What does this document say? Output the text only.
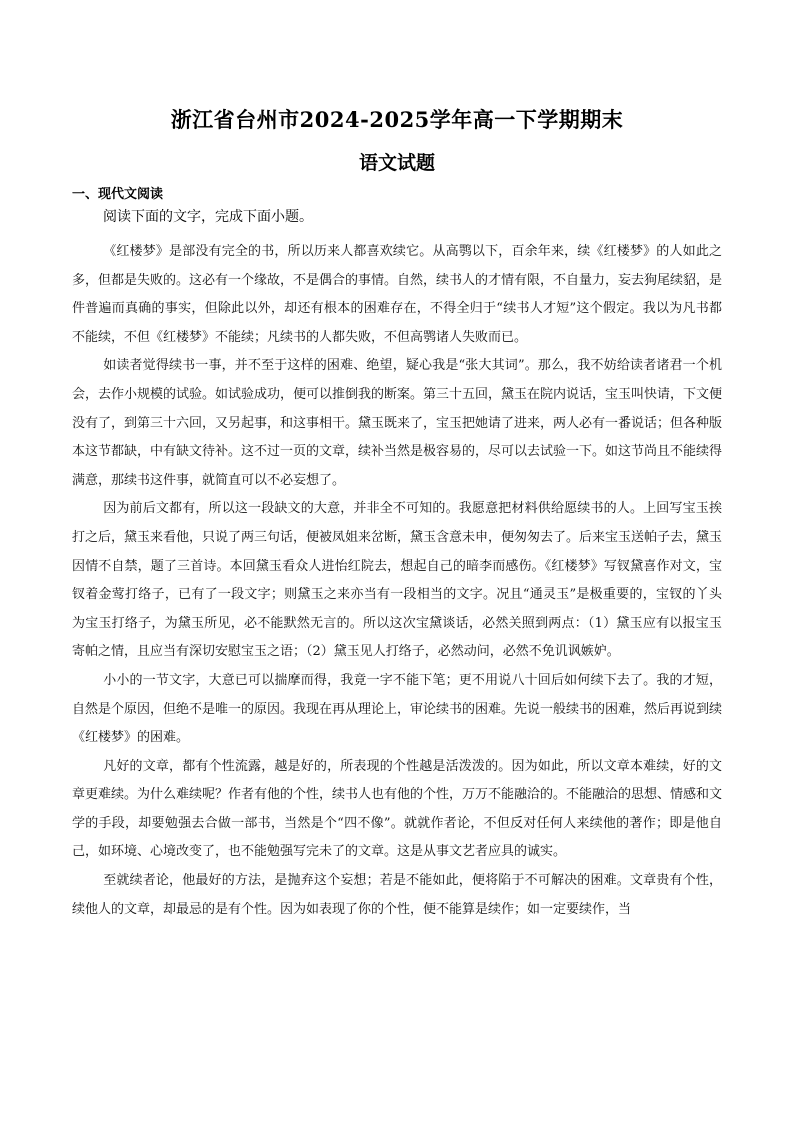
浙江省台州市2024-2025学年高一下学期期末
语文试题
一、现代文阅读
阅读下面的文字，完成下面小题。

《红楼梦》是部没有完全的书，所以历来人都喜欢续它。从高鹗以下，百余年来，续《红楼梦》的人如此之多，但都是失败的。这必有一个缘故，不是偶合的事情。自然，续书人的才情有限，不自量力，妄去狗尾续貂，是件普遍而真确的事实，但除此以外，却还有根本的困难存在，不得全归于“续书人才短”这个假定。我以为凡书都不能续，不但《红楼梦》不能续；凡续书的人都失败，不但高鹗诸人失败而已。

如读者觉得续书一事，并不至于这样的困难、绝望，疑心我是“张大其词”。那么，我不妨给读者诸君一个机会，去作小规模的试验。如试验成功，便可以推倒我的断案。第三十五回，黛玉在院内说话，宝玉叫快请，下文便没有了，到第三十六回，又另起事，和这事相干。黛玉既来了，宝玉把她请了进来，两人必有一番说话；但各种版本这节都缺，中有缺文待补。这不过一页的文章，续补当然是极容易的，尽可以去试验一下。如这节尚且不能续得满意，那续书这件事，就简直可以不必妄想了。

因为前后文都有，所以这一段缺文的大意，并非全不可知的。我愿意把材料供给愿续书的人。上回写宝玉挨打之后，黛玉来看他，只说了两三句话，便被凤姐来岔断，黛玉含意未申，便匆匆去了。后来宝玉送帕子去，黛玉因情不自禁，题了三首诗。本回黛玉看众人进怡红院去，想起自己的暗李而感伤。《红楼梦》写钗黛喜作对文，宝钗着金莺打络子，已有了一段文字；则黛玉之来亦当有一段相当的文字。况且“通灵玉”是极重要的，宝钗的丫头为宝玉打络子，为黛玉所见，必不能默然无言的。所以这次宝黛谈话，必然关照到两点：（1）黛玉应有以报宝玉寄帕之情，且应当有深切安慰宝玉之语；（2）黛玉见人打络子，必然动问，必然不免讥讽嫉妒。

小小的一节文字，大意已可以揣摩而得，我竟一字不能下笔；更不用说八十回后如何续下去了。我的才短，自然是个原因，但绝不是唯一的原因。我现在再从理论上，审论续书的困难。先说一般续书的困难，然后再说到续《红楼梦》的困难。

凡好的文章，都有个性流露，越是好的，所表现的个性越是活泼泼的。因为如此，所以文章本难续，好的文章更难续。为什么难续呢？作者有他的个性，续书人也有他的个性，万万不能融洽的。不能融洽的思想、情感和文学的手段，却要勉强去合做一部书，当然是个“四不像”。就就作者论，不但反对任何人来续他的著作；即是他自己，如环境、心境改变了，也不能勉强写完未了的文章。这是从事文艺者应具的诚实。

至就续者论，他最好的方法，是抛弃这个妄想；若是不能如此，便将陷于不可解决的困难。文章贵有个性，续他人的文章，却最忌的是有个性。因为如表现了你的个性，便不能算是续作；如一定要续作，当
